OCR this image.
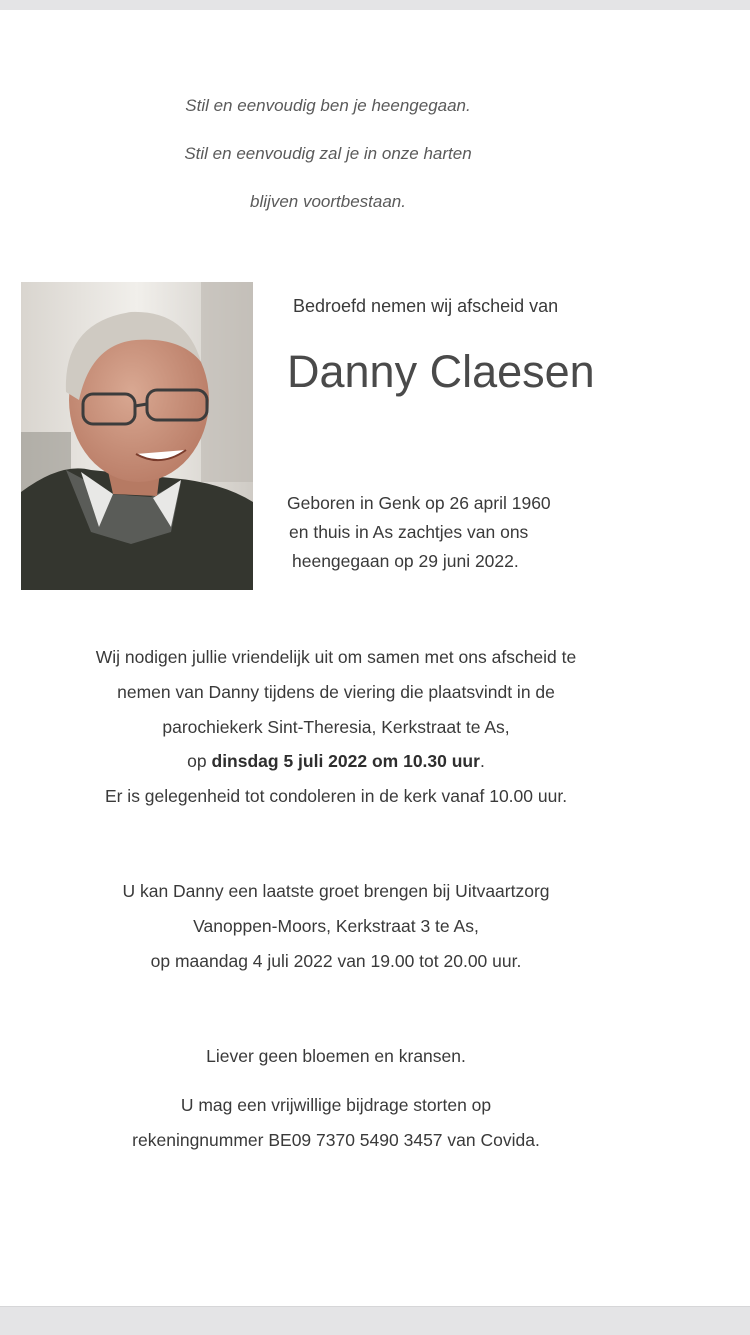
Stil en eenvoudig ben je heengegaan.

Stil en eenvoudig zal je in onze harten

blijven voortbestaan.

Bedroefd nemen wij afscheid van

Danny Claesen

Geboren in Genk op 26 april 1960

en thuis in As zachtjes van ons

heengegaan op 29 juni 2022.

Wij nodigen jullie vriendelijk uit om samen met ons afscheid te

nemen van Danny tijdens de viering die plaatsvindt in de

parochiekerk Sint-Theresia, Kerkstraat te As,

op dinsdag 5 juli 2022 om 10.30 uur.

Er is gelegenheid tot condoleren in de kerk vanaf 10.00 uur.

U kan Danny een laatste groet brengen bij Uitvaartzorg

Vanoppen-Moors, Kerkstraat 3 te As,

op maandag 4 juli 2022 van 19.00 tot 20.00 uur.

Liever geen bloemen en kransen.

U mag een vrijwillige bijdrage storten op

rekeningnummer BE09 7370 5490 3457 van Covida.
